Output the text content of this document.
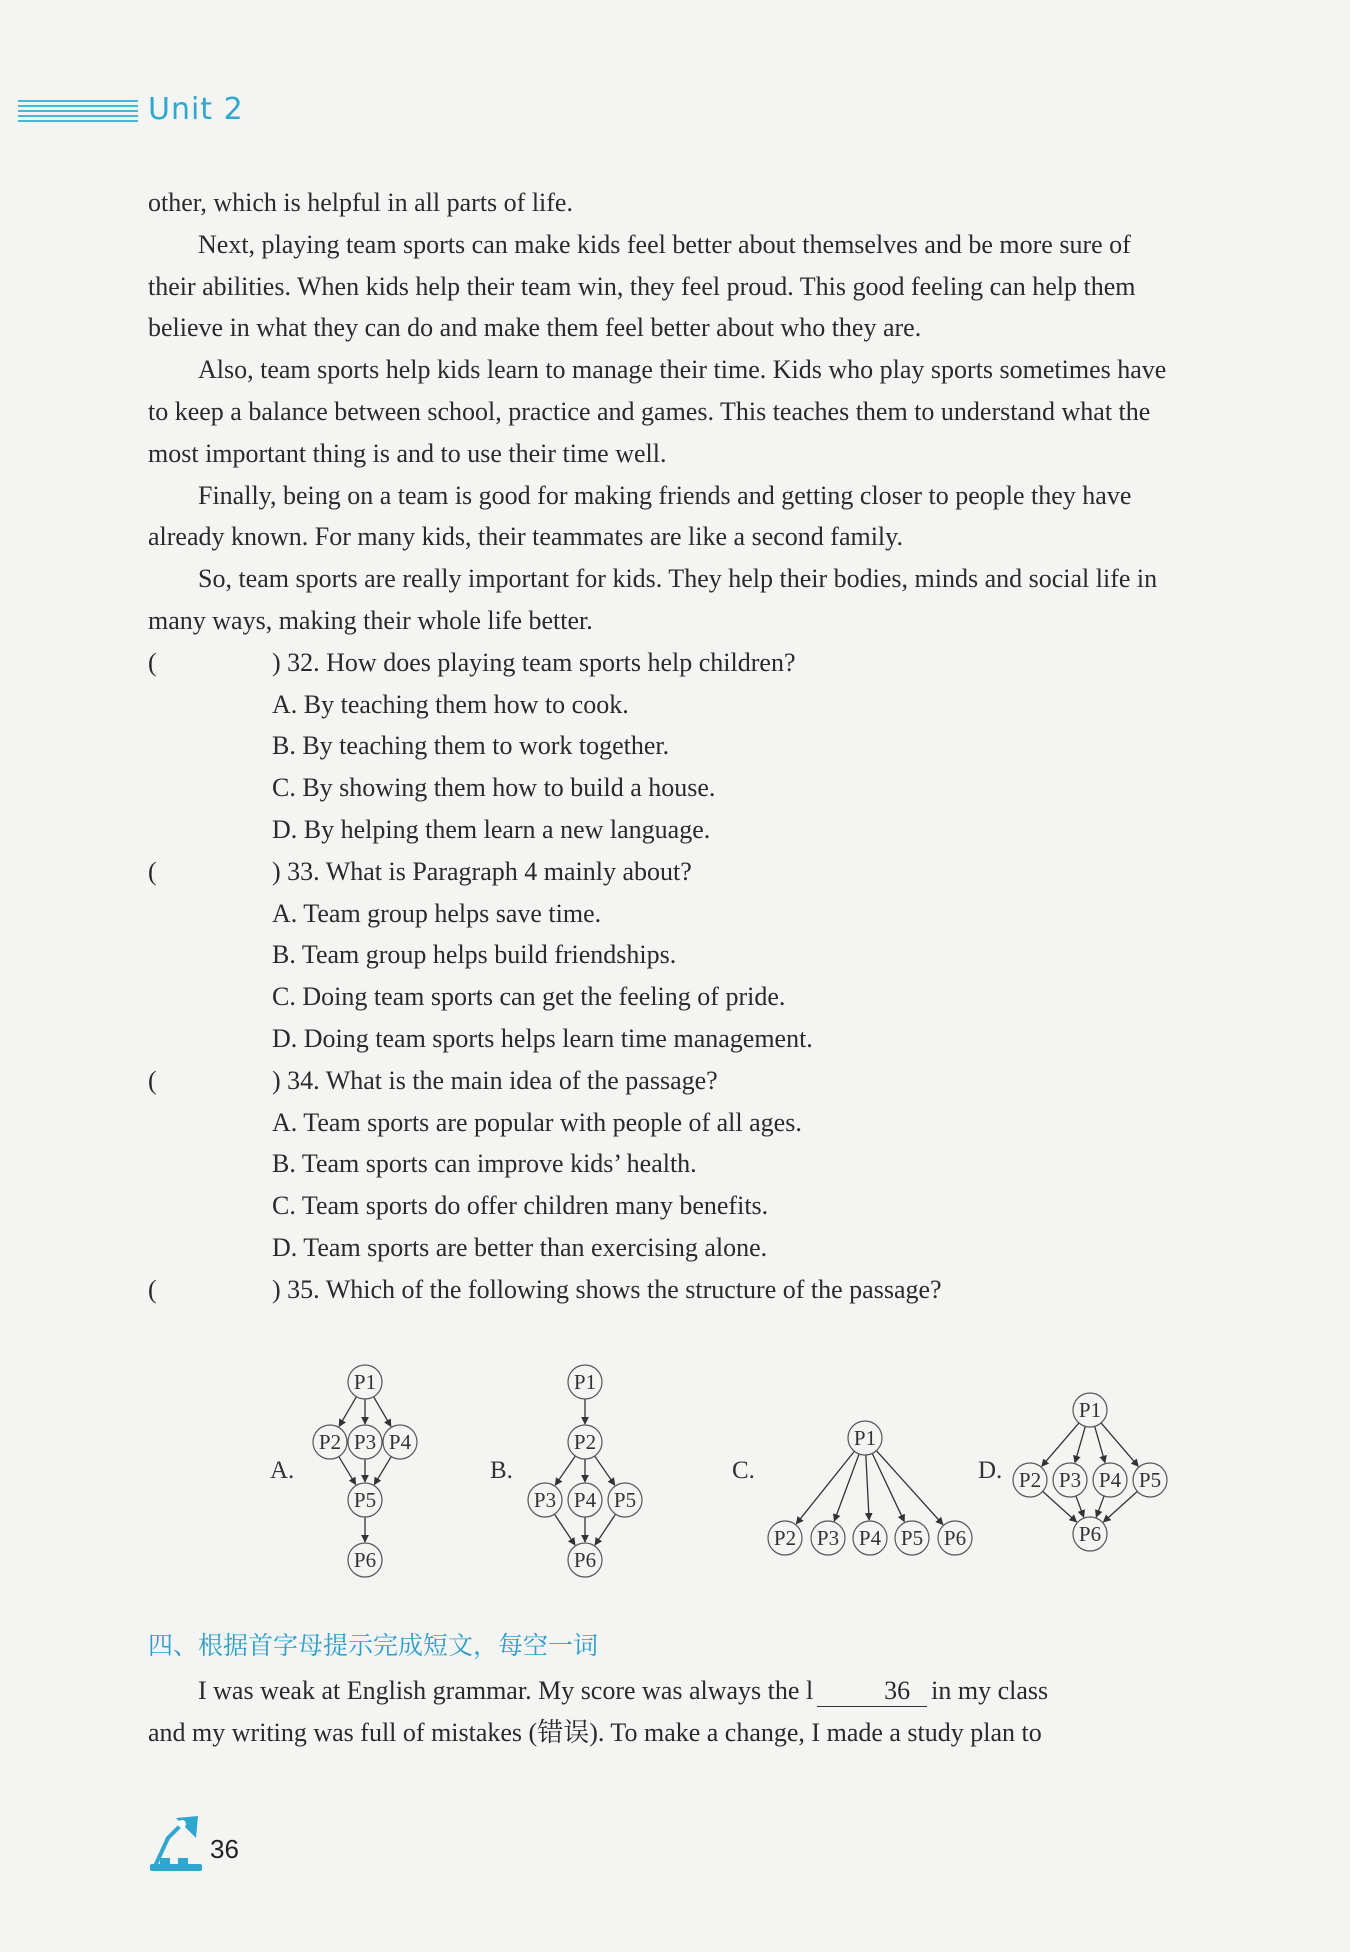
Unit 2

other, which is helpful in all parts of life.

Next, playing team sports can make kids feel better about themselves and be more sure of their abilities. When kids help their team win, they feel proud. This good feeling can help them believe in what they can do and make them feel better about who they are.

Also, team sports help kids learn to manage their time. Kids who play sports sometimes have to keep a balance between school, practice and games. This teaches them to understand what the most important thing is and to use their time well.

Finally, being on a team is good for making friends and getting closer to people they have already known. For many kids, their teammates are like a second family.

So, team sports are really important for kids. They help their bodies, minds and social life in many ways, making their whole life better.

(	) 32. How does playing team sports help children?

A. By teaching them how to cook.

B. By teaching them to work together.

C. By showing them how to build a house.

D. By helping them learn a new language.

(	) 33. What is Paragraph 4 mainly about?

A. Team group helps save time.

B. Team group helps build friendships.

C. Doing team sports can get the feeling of pride.

D. Doing team sports helps learn time management.

(	) 34. What is the main idea of the passage?

A. Team sports are popular with people of all ages.

B. Team sports can improve kids’ health.

C. Team sports do offer children many benefits.

D. Team sports are better than exercising alone.

(	) 35. Which of the following shows the structure of the passage?

P1
P2 P3 P4
P5
P6
A.
P1
P2
P3 P4 P5
P6
B.
P1
P2 P3 P4 P5 P6
C.
P1
P2 P3 P4 P5
P6
D.
四、根据首字母提示完成短文，每空一词
I was weak at English grammar. My score was always the l	36 in my class
and my writing was full of mistakes (错误). To make a change, I made a study plan to
36
